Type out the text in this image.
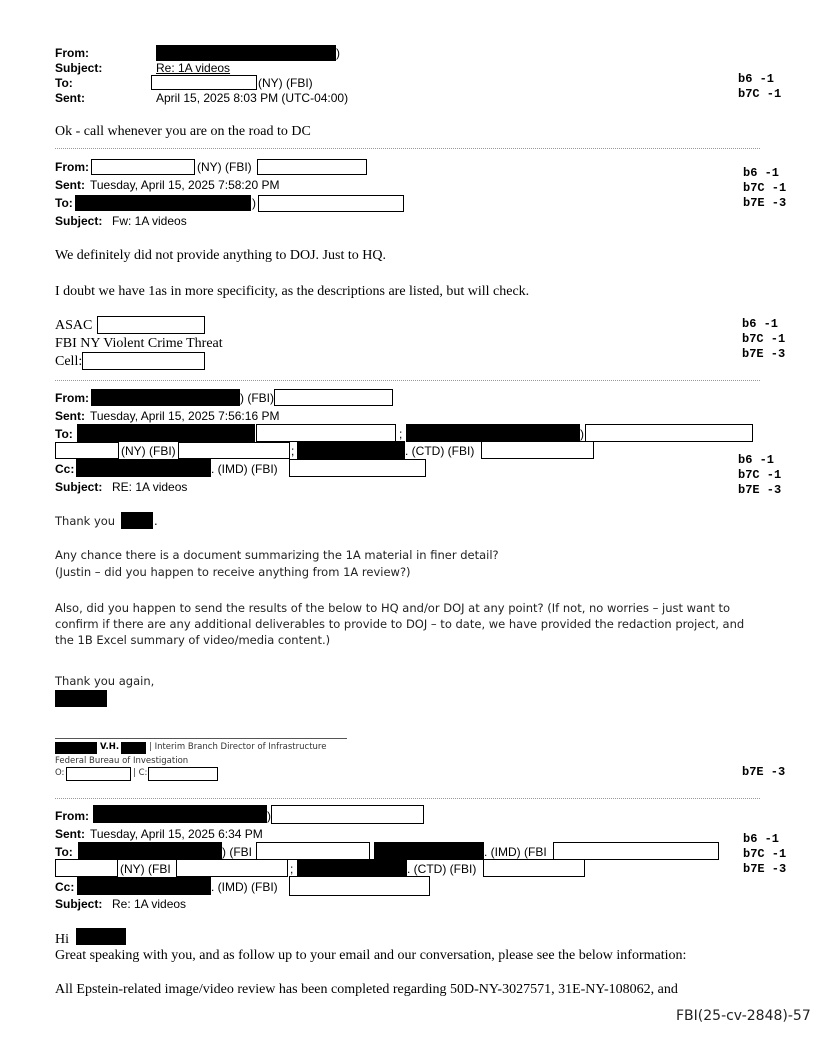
From:	)
Subject:	Re: 1A videos
To:	(NY) (FBI)
Sent:	April 15, 2025 8:03 PM (UTC-04:00)
b6 -1
b7C -1
Ok - call whenever you are on the road to DC
From:	(NY) (FBI)
Sent: Tuesday, April 15, 2025 7:58:20 PM
To:	)
Subject: Fw: 1A videos
b6 -1
b7C -1
b7E -3
We definitely did not provide anything to DOJ. Just to HQ.
I doubt we have 1as in more specificity, as the descriptions are listed, but will check.
ASAC
FBI NY Violent Crime Threat
Cell:
b6 -1
b7C -1
b7E -3
From:	) (FBI)
Sent: Tuesday, April 15, 2025 7:56:16 PM
To:	;	)
(NY) (FBI)	;	. (CTD) (FBI)
Cc:	. (IMD) (FBI)
Subject: RE: 1A videos
b6 -1
b7C -1
b7E -3
Thank you	.
Any chance there is a document summarizing the 1A material in finer detail?
(Justin – did you happen to receive anything from 1A review?)
Also, did you happen to send the results of the below to HQ and/or DOJ at any point? (If not, no worries – just want to confirm if there are any additional deliverables to provide to DOJ – to date, we have provided the redaction project, and the 1B Excel summary of video/media content.)
Thank you again,
V.H.	| Interim Branch Director of Infrastructure
Federal Bureau of Investigation
O:	| C:	b7E -3
From:	)
Sent: Tuesday, April 15, 2025 6:34 PM
To:	) (FBI	. (IMD) (FBI
(NY) (FBI	;	. (CTD) (FBI)
Cc:	. (IMD) (FBI)
Subject: Re: 1A videos
b6 -1
b7C -1
b7E -3
Hi
Great speaking with you, and as follow up to your email and our conversation, please see the below information:
All Epstein-related image/video review has been completed regarding 50D-NY-3027571, 31E-NY-108062, and
FBI(25-cv-2848)-57
